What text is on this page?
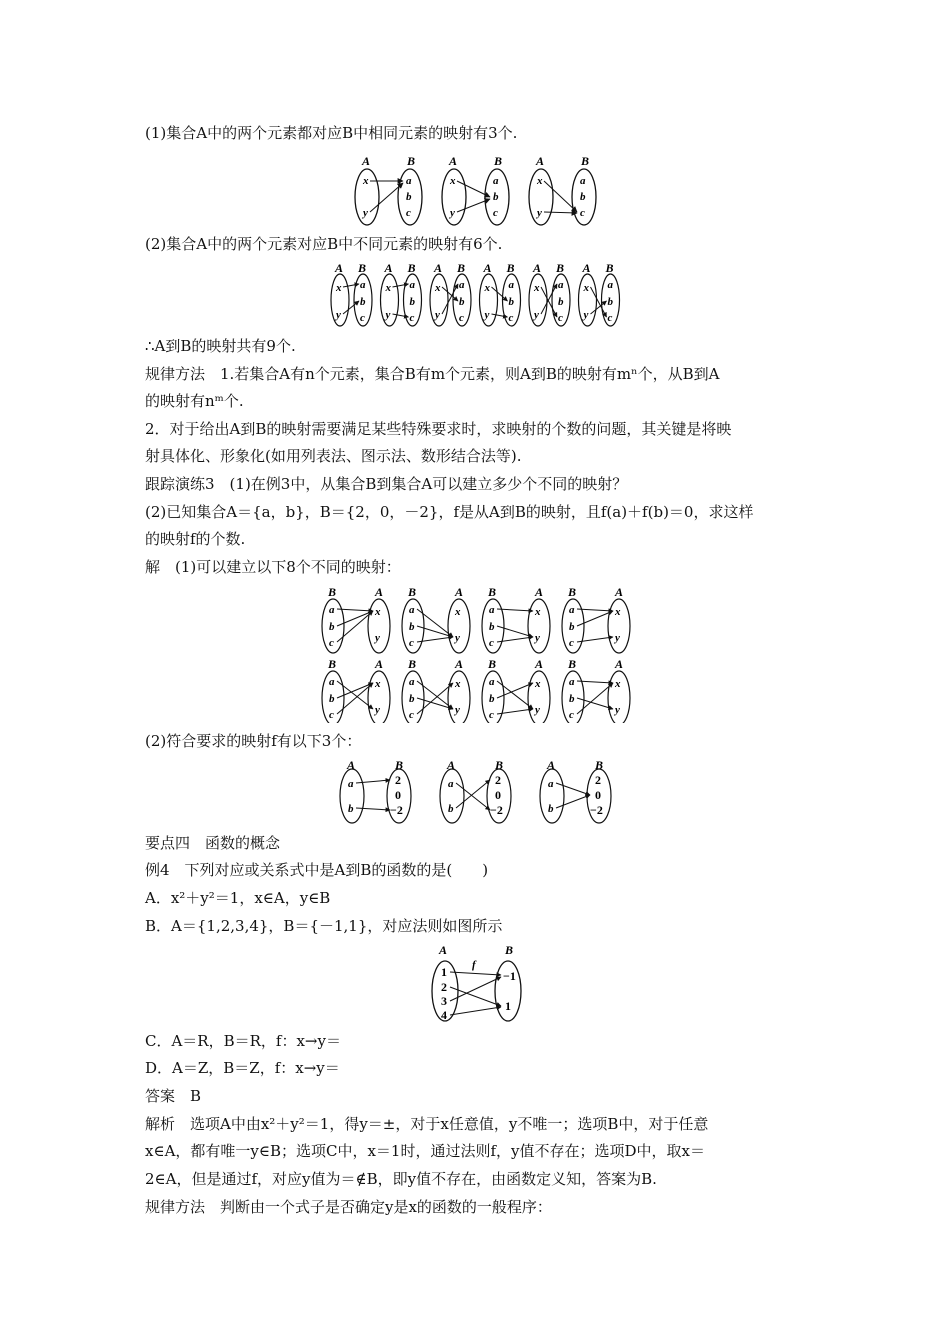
(1)集合A中的两个元素都对应B中相同元素的映射有3个.
A	B
x
y
a
b
c
A	B
x
y
a
b
c
A	B
x
y
a
b
c
(2)集合A中的两个元素对应B中不同元素的映射有6个.
A B
x
y
a
b
c
A B
x
y
a
b
c
A B
x
y
a
b
c
A B
x
y
a
b
c
A B
x
y
a
b
c
A B
x
y
a
b
c
∴A到B的映射共有9个.
规律方法　1.若集合A有n个元素，集合B有m个元素，则A到B的映射有mⁿ个，从B到A
的映射有nᵐ个.
2．对于给出A到B的映射需要满足某些特殊要求时，求映射的个数的问题，其关键是将映
射具体化、形象化(如用列表法、图示法、数形结合法等).
跟踪演练3　(1)在例3中，从集合B到集合A可以建立多少个不同的映射？
(2)已知集合A＝{a，b}，B＝{2，0，－2}，f是从A到B的映射，且f(a)＋f(b)＝0，求这样
的映射f的个数.
解　(1)可以建立以下8个不同的映射：
B	A
a
b
c
x
y
B	A
a
b
c
x
y
B	A
a
b
c
x
y
B	A
a
b
c
x
y
B	A
a
b
c
x
y
B	A
a
b
c
x
y
B	A
a
b
c
x
y
B	A
a
b
c
x
y
(2)符合要求的映射f有以下3个：
A	B
a
b
2
0
−2
A	B
a
b
2
0
−2
A	B
a
b
2
0
−2
要点四　函数的概念
例4　下列对应或关系式中是A到B的函数的是(　　)
A．x²＋y²＝1，x∈A，y∈B
B．A＝{1,2,3,4}，B＝{－1,1}，对应法则如图所示
A	B
f
1
2
3
4
−1
1
C．A＝R，B＝R，f：x→y＝
D．A＝Z，B＝Z，f：x→y＝
答案　B
解析　选项A中由x²＋y²＝1，得y＝±，对于x任意值，y不唯一；选项B中，对于任意
x∈A，都有唯一y∈B；选项C中，x＝1时，通过法则f，y值不存在；选项D中，取x＝
2∈A，但是通过f，对应y值为＝∉B，即y值不存在，由函数定义知，答案为B.
规律方法　判断由一个式子是否确定y是x的函数的一般程序：
